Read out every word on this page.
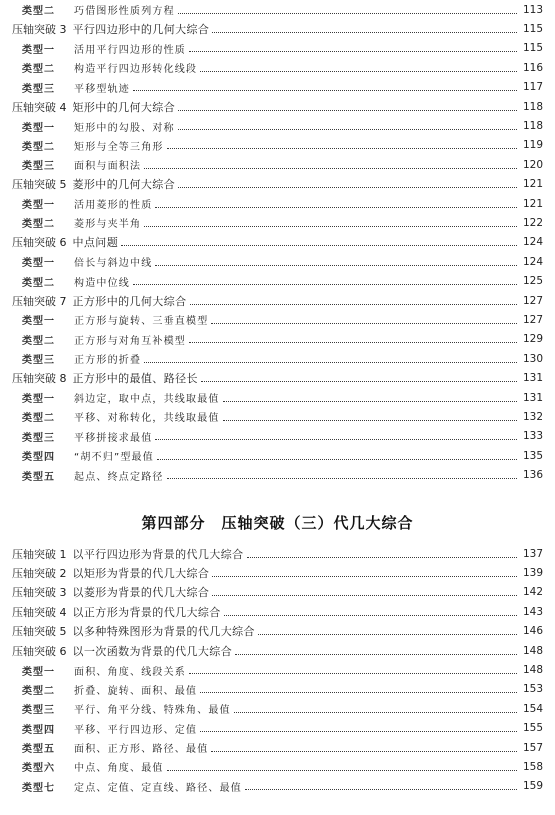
类型二	巧借图形性质列方程	113
压轴突破 3 平行四边形中的几何大综合	115
类型一	活用平行四边形的性质	115
类型二	构造平行四边形转化线段	116
类型三	平移型轨迹	117
压轴突破 4 矩形中的几何大综合	118
类型一	矩形中的勾股、对称	118
类型二	矩形与全等三角形	119
类型三	面积与面积法	120
压轴突破 5 菱形中的几何大综合	121
类型一	活用菱形的性质	121
类型二	菱形与夹半角	122
压轴突破 6 中点问题	124
类型一	倍长与斜边中线	124
类型二	构造中位线	125
压轴突破 7 正方形中的几何大综合	127
类型一	正方形与旋转、三垂直模型	127
类型二	正方形与对角互补模型	129
类型三	正方形的折叠	130
压轴突破 8 正方形中的最值、路径长	131
类型一	斜边定，取中点，共线取最值	131
类型二	平移、对称转化，共线取最值	132
类型三	平移拼接求最值	133
类型四	“胡不归”型最值	135
类型五	起点、终点定路径	136
第四部分　压轴突破（三）代几大综合
压轴突破 1 以平行四边形为背景的代几大综合	137
压轴突破 2 以矩形为背景的代几大综合	139
压轴突破 3 以菱形为背景的代几大综合	142
压轴突破 4 以正方形为背景的代几大综合	143
压轴突破 5 以多种特殊图形为背景的代几大综合	146
压轴突破 6 以一次函数为背景的代几大综合	148
类型一	面积、角度、线段关系	148
类型二	折叠、旋转、面积、最值	153
类型三	平行、角平分线、特殊角、最值	154
类型四	平移、平行四边形、定值	155
类型五	面积、正方形、路径、最值	157
类型六	中点、角度、最值	158
类型七	定点、定值、定直线、路径、最值	159
